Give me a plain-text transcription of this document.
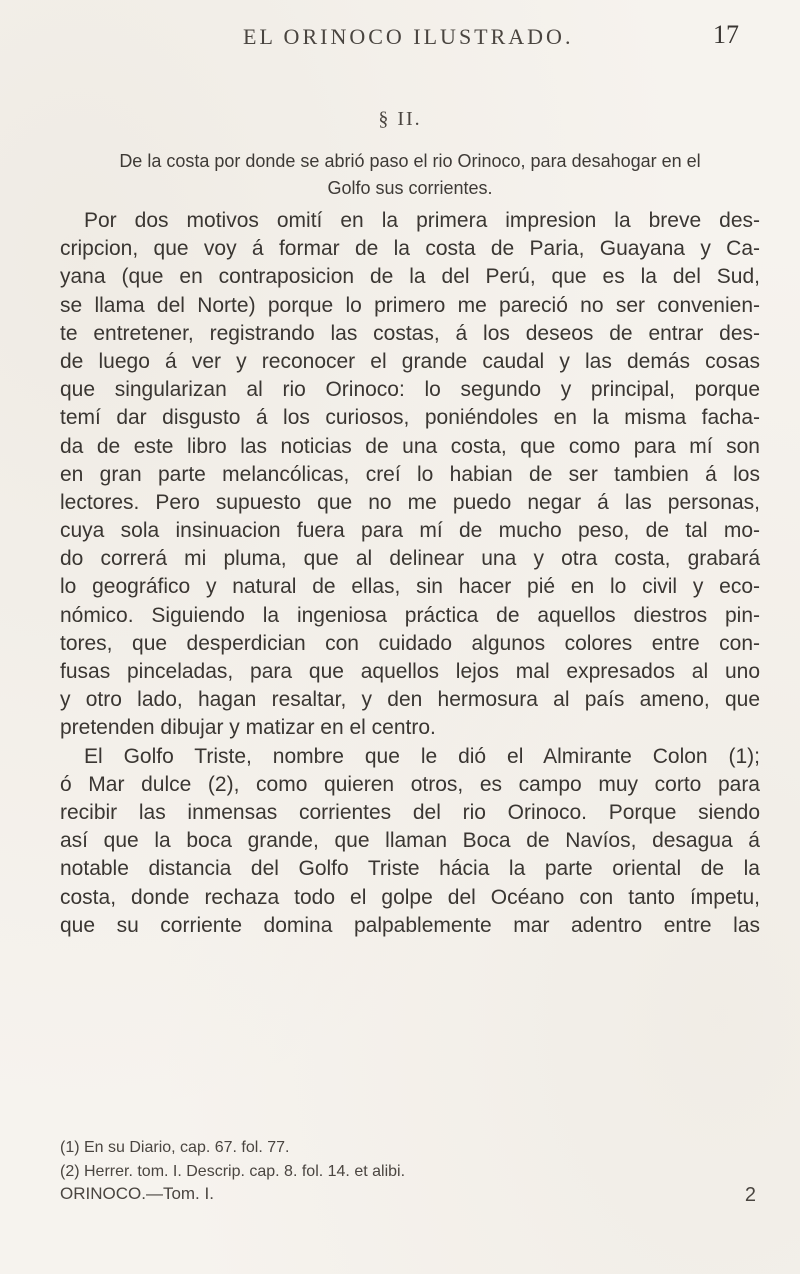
EL ORINOCO ILUSTRADO.	17
§ II.
De la costa por donde se abrió paso el rio Orinoco, para desahogar en el
Golfo sus corrientes.
Por dos motivos omití en la primera impresion la breve des-
cripcion, que voy á formar de la costa de Paria, Guayana y Ca-
yana (que en contraposicion de la del Perú, que es la del Sud,
se llama del Norte) porque lo primero me pareció no ser convenien-
te entretener, registrando las costas, á los deseos de entrar des-
de luego á ver y reconocer el grande caudal y las demás cosas
que singularizan al rio Orinoco: lo segundo y principal, porque
temí dar disgusto á los curiosos, poniéndoles en la misma facha-
da de este libro las noticias de una costa, que como para mí son
en gran parte melancólicas, creí lo habian de ser tambien á los
lectores. Pero supuesto que no me puedo negar á las personas,
cuya sola insinuacion fuera para mí de mucho peso, de tal mo-
do correrá mi pluma, que al delinear una y otra costa, grabará
lo geográfico y natural de ellas, sin hacer pié en lo civil y eco-
nómico. Siguiendo la ingeniosa práctica de aquellos diestros pin-
tores, que desperdician con cuidado algunos colores entre con-
fusas pinceladas, para que aquellos lejos mal expresados al uno
y otro lado, hagan resaltar, y den hermosura al país ameno, que
pretenden dibujar y matizar en el centro.
El Golfo Triste, nombre que le dió el Almirante Colon (1);
ó Mar dulce (2), como quieren otros, es campo muy corto para
recibir las inmensas corrientes del rio Orinoco. Porque siendo
así que la boca grande, que llaman Boca de Navíos, desagua á
notable distancia del Golfo Triste hácia la parte oriental de la
costa, donde rechaza todo el golpe del Océano con tanto ímpetu,
que su corriente domina palpablemente mar adentro entre las
(1) En su Diario, cap. 67. fol. 77.
(2) Herrer. tom. I. Descrip. cap. 8. fol. 14. et alibi.
ORINOCO.—Tom. I.	2
